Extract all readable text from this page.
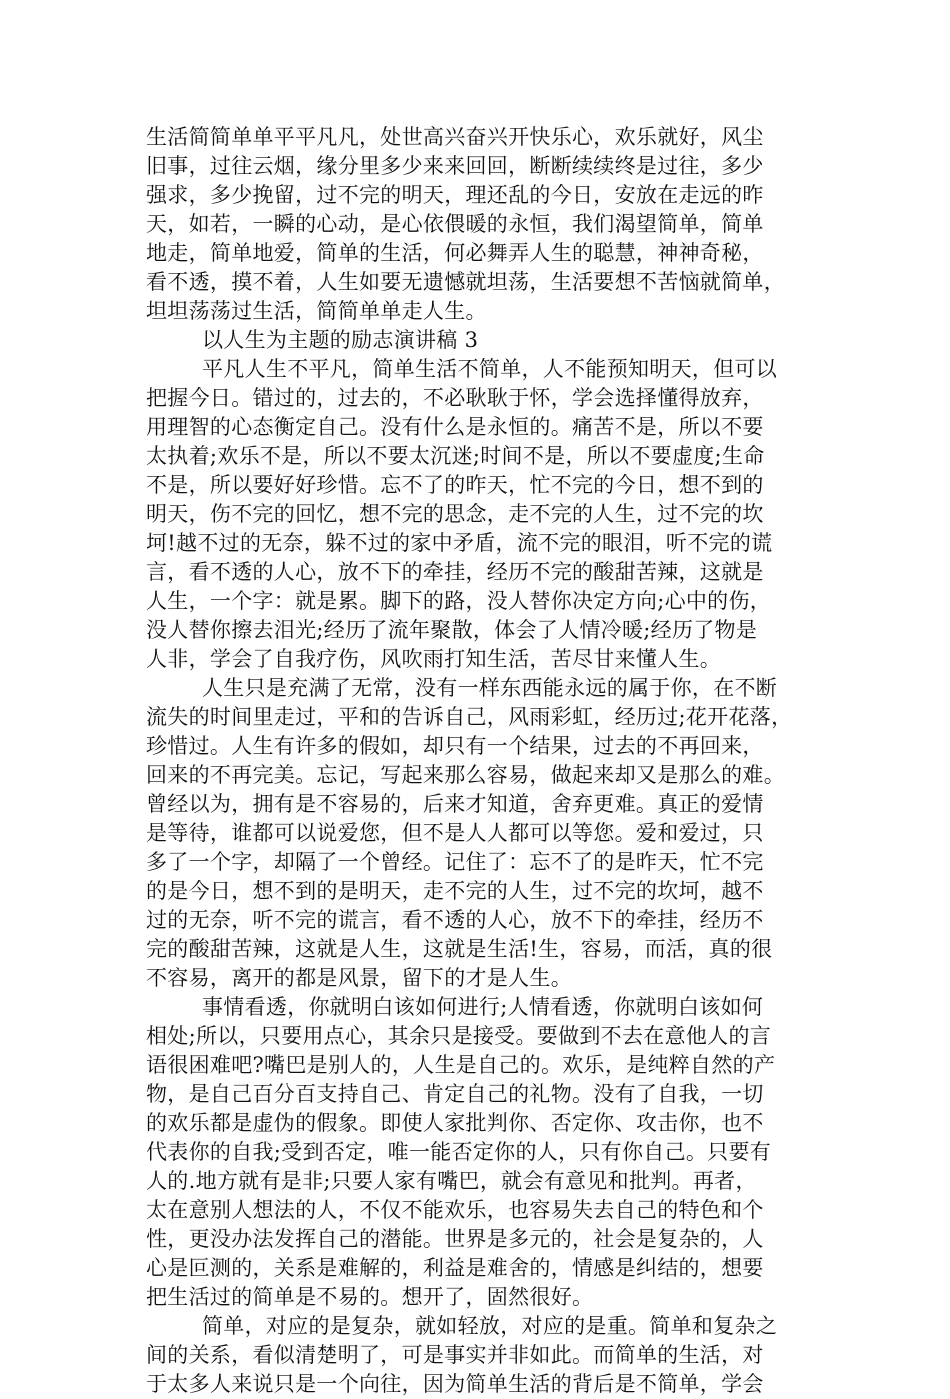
生活简简单单平平凡凡，处世高兴奋兴开快乐心，欢乐就好，风尘
旧事，过往云烟，缘分里多少来来回回，断断续续终是过往，多少
强求，多少挽留，过不完的明天，理还乱的今日，安放在走远的昨
天，如若，一瞬的心动，是心依偎暖的永恒，我们渴望简单，简单
地走，简单地爱，简单的生活，何必舞弄人生的聪慧，神神奇秘，
看不透，摸不着，人生如要无遗憾就坦荡，生活要想不苦恼就简单，
坦坦荡荡过生活，简简单单走人生。
以人生为主题的励志演讲稿 3
平凡人生不平凡，简单生活不简单，人不能预知明天，但可以
把握今日。错过的，过去的，不必耿耿于怀，学会选择懂得放弃，
用理智的心态衡定自己。没有什么是永恒的。痛苦不是，所以不要
太执着;欢乐不是，所以不要太沉迷;时间不是，所以不要虚度;生命
不是，所以要好好珍惜。忘不了的昨天，忙不完的今日，想不到的
明天，伤不完的回忆，想不完的思念，走不完的人生，过不完的坎
坷!越不过的无奈，躲不过的家中矛盾，流不完的眼泪，听不完的谎
言，看不透的人心，放不下的牵挂，经历不完的酸甜苦辣，这就是
人生，一个字：就是累。脚下的路，没人替你决定方向;心中的伤，
没人替你擦去泪光;经历了流年聚散，体会了人情冷暖;经历了物是
人非，学会了自我疗伤，风吹雨打知生活，苦尽甘来懂人生。
人生只是充满了无常，没有一样东西能永远的属于你，在不断
流失的时间里走过，平和的告诉自己，风雨彩虹，经历过;花开花落，
珍惜过。人生有许多的假如，却只有一个结果，过去的不再回来，
回来的不再完美。忘记，写起来那么容易，做起来却又是那么的难。
曾经以为，拥有是不容易的，后来才知道，舍弃更难。真正的爱情
是等待，谁都可以说爱您，但不是人人都可以等您。爱和爱过，只
多了一个字，却隔了一个曾经。记住了：忘不了的是昨天，忙不完
的是今日，想不到的是明天，走不完的人生，过不完的坎坷，越不
过的无奈，听不完的谎言，看不透的人心，放不下的牵挂，经历不
完的酸甜苦辣，这就是人生，这就是生活!生，容易，而活，真的很
不容易，离开的都是风景，留下的才是人生。
事情看透，你就明白该如何进行;人情看透，你就明白该如何
相处;所以，只要用点心，其余只是接受。要做到不去在意他人的言
语很困难吧?嘴巴是别人的，人生是自己的。欢乐，是纯粹自然的产
物，是自己百分百支持自己、肯定自己的礼物。没有了自我，一切
的欢乐都是虚伪的假象。即使人家批判你、否定你、攻击你，也不
代表你的自我;受到否定，唯一能否定你的人，只有你自己。只要有
人的.地方就有是非;只要人家有嘴巴，就会有意见和批判。再者，
太在意别人想法的人，不仅不能欢乐，也容易失去自己的特色和个
性，更没办法发挥自己的潜能。世界是多元的，社会是复杂的，人
心是叵测的，关系是难解的，利益是难舍的，情感是纠结的，想要
把生活过的简单是不易的。想开了，固然很好。
简单，对应的是复杂，就如轻放，对应的是重。简单和复杂之
间的关系，看似清楚明了，可是事实并非如此。而简单的生活，对
于太多人来说只是一个向往，因为简单生活的背后是不简单，学会
